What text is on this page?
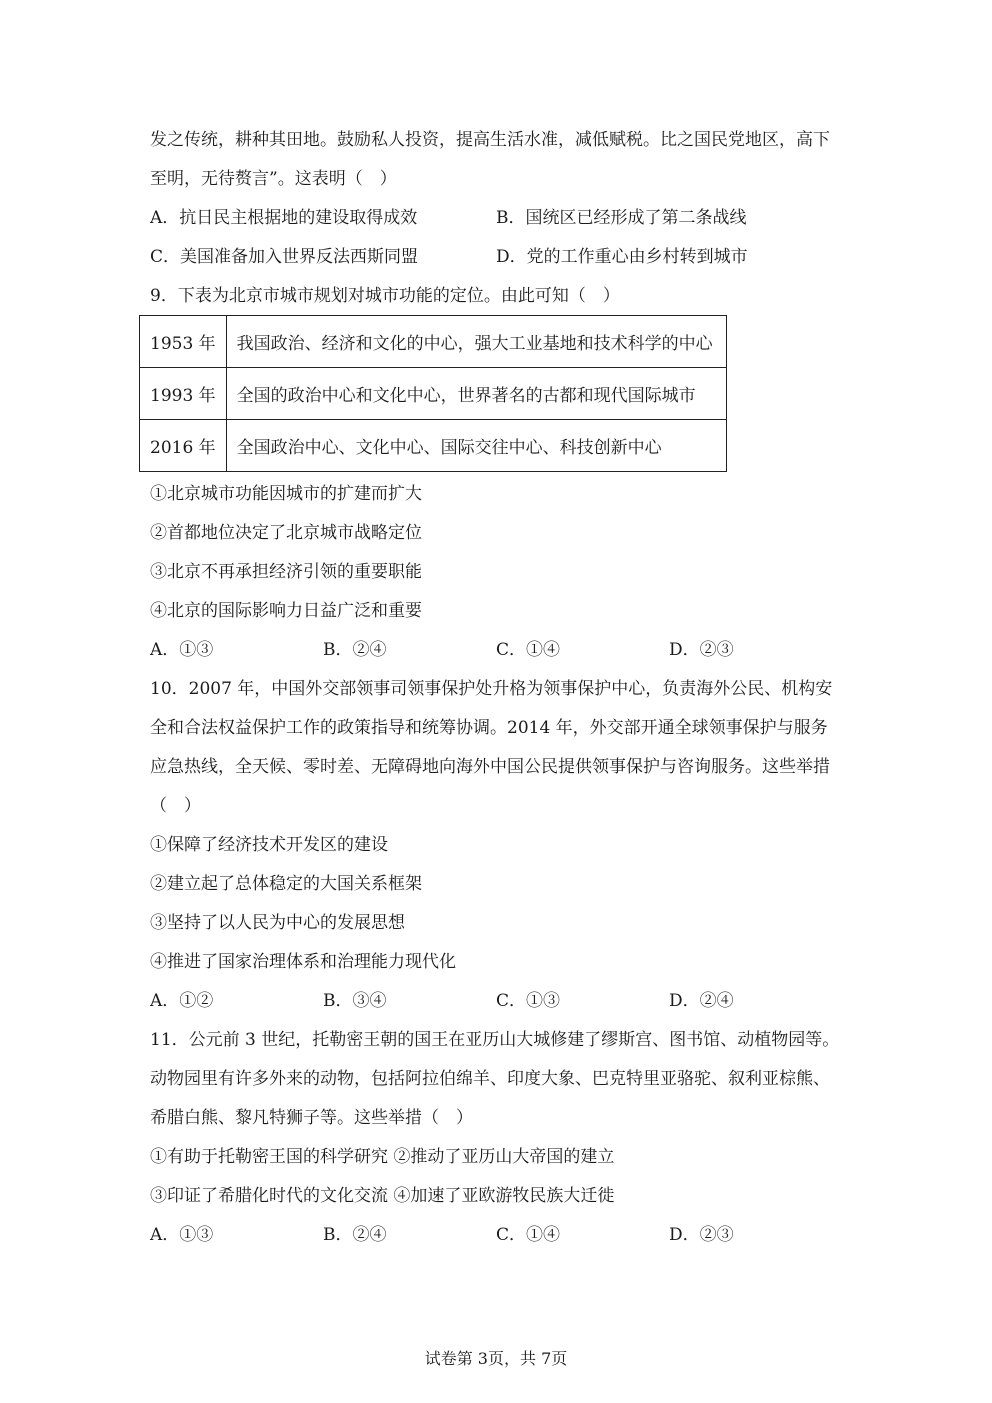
发之传统，耕种其田地。鼓励私人投资，提高生活水准，减低赋税。比之国民党地区，高下
至明，无待赘言”。这表明（　）
A．抗日民主根据地的建设取得成效	B．国统区已经形成了第二条战线
C．美国准备加入世界反法西斯同盟	D．党的工作重心由乡村转到城市
9．下表为北京市城市规划对城市功能的定位。由此可知（　）
1953 年	我国政治、经济和文化的中心，强大工业基地和技术科学的中心
1993 年	全国的政治中心和文化中心，世界著名的古都和现代国际城市
2016 年	全国政治中心、文化中心、国际交往中心、科技创新中心
①北京城市功能因城市的扩建而扩大
②首都地位决定了北京城市战略定位
③北京不再承担经济引领的重要职能
④北京的国际影响力日益广泛和重要
A．①③	B．②④	C．①④	D．②③
10．2007 年，中国外交部领事司领事保护处升格为领事保护中心，负责海外公民、机构安
全和合法权益保护工作的政策指导和统筹协调。2014 年，外交部开通全球领事保护与服务
应急热线，全天候、零时差、无障碍地向海外中国公民提供领事保护与咨询服务。这些举措
（　）
①保障了经济技术开发区的建设
②建立起了总体稳定的大国关系框架
③坚持了以人民为中心的发展思想
④推进了国家治理体系和治理能力现代化
A．①②	B．③④	C．①③	D．②④
11．公元前 3 世纪，托勒密王朝的国王在亚历山大城修建了缪斯宫、图书馆、动植物园等。
动物园里有许多外来的动物，包括阿拉伯绵羊、印度大象、巴克特里亚骆驼、叙利亚棕熊、
希腊白熊、黎凡特狮子等。这些举措（　）
①有助于托勒密王国的科学研究 ②推动了亚历山大帝国的建立
③印证了希腊化时代的文化交流 ④加速了亚欧游牧民族大迁徙
A．①③	B．②④	C．①④	D．②③
试卷第 3页，共 7页
